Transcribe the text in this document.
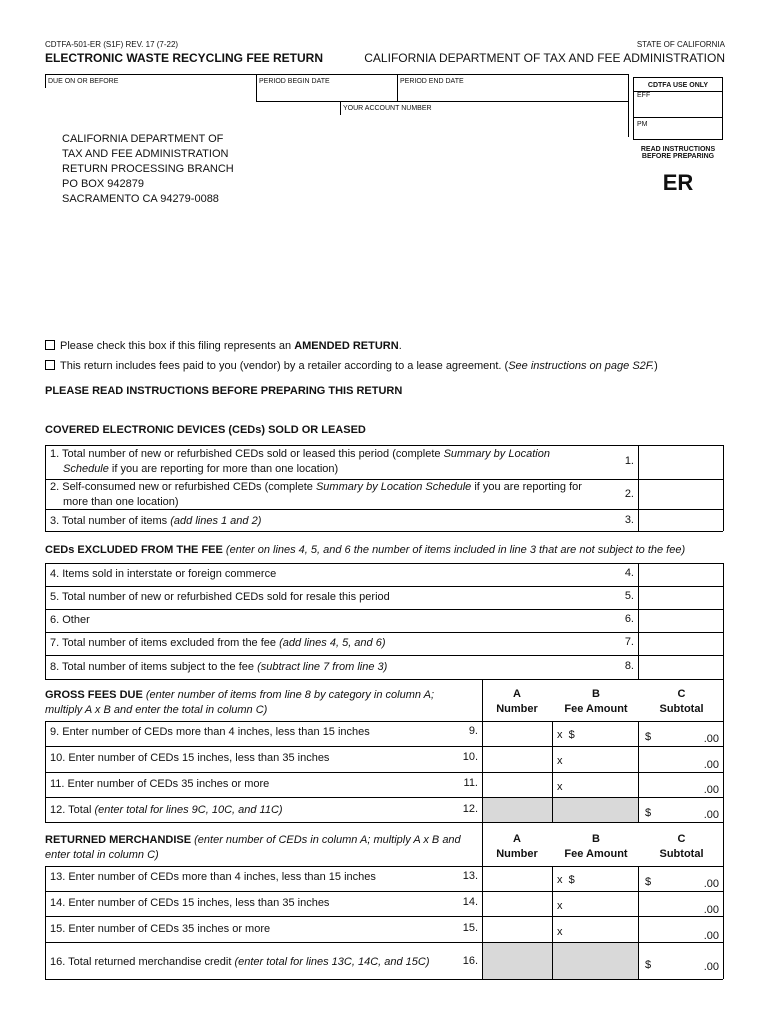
CDTFA-501-ER (S1F) REV. 17 (7-22)	STATE OF CALIFORNIA
ELECTRONIC WASTE RECYCLING FEE RETURN	CALIFORNIA DEPARTMENT OF TAX AND FEE ADMINISTRATION
DUE ON OR BEFORE	PERIOD BEGIN DATE	PERIOD END DATE
YOUR ACCOUNT NUMBER
CDTFA USE ONLY
EFF
PM
READ INSTRUCTIONS
BEFORE PREPARING
ER
CALIFORNIA DEPARTMENT OF
TAX AND FEE ADMINISTRATION
RETURN PROCESSING BRANCH
PO BOX 942879
SACRAMENTO CA 94279-0088
Please check this box if this filing represents an AMENDED RETURN.
This return includes fees paid to you (vendor) by a retailer according to a lease agreement. (See instructions on page S2F.)
PLEASE READ INSTRUCTIONS BEFORE PREPARING THIS RETURN
COVERED ELECTRONIC DEVICES (CEDs) SOLD OR LEASED
1. Total number of new or refurbished CEDs sold or leased this period (complete Summary by Location
Schedule if you are reporting for more than one location)
1.
2. Self-consumed new or refurbished CEDs (complete Summary by Location Schedule if you are reporting for
more than one location)
2.
3. Total number of items (add lines 1 and 2)	3.
CEDs EXCLUDED FROM THE FEE (enter on lines 4, 5, and 6 the number of items included in line 3 that are not subject to the fee)
4. Items sold in interstate or foreign commerce	4.
5. Total number of new or refurbished CEDs sold for resale this period	5.
6. Other	6.
7. Total number of items excluded from the fee (add lines 4, 5, and 6)	7.
8. Total number of items subject to the fee (subtract line 7 from line 3)	8.
GROSS FEES DUE (enter number of items from line 8 by category in column A;
multiply A x B and enter the total in column C)
A
Number
B
Fee Amount
C
Subtotal
9. Enter number of CEDs more than 4 inches, less than 15 inches	9.	x $	$	.00
10. Enter number of CEDs 15 inches, less than 35 inches	10.	x	.00
11. Enter number of CEDs 35 inches or more	11.	x	.00
12. Total (enter total for lines 9C, 10C, and 11C)	12.	$	.00
RETURNED MERCHANDISE (enter number of CEDs in column A; multiply A x B and
enter total in column C)
A
Number
B
Fee Amount
C
Subtotal
13. Enter number of CEDs more than 4 inches, less than 15 inches	13.	x $	$	.00
14. Enter number of CEDs 15 inches, less than 35 inches	14.	x	.00
15. Enter number of CEDs 35 inches or more	15.	x	.00
16. Total returned merchandise credit (enter total for lines 13C, 14C, and 15C)	16.	$	.00
